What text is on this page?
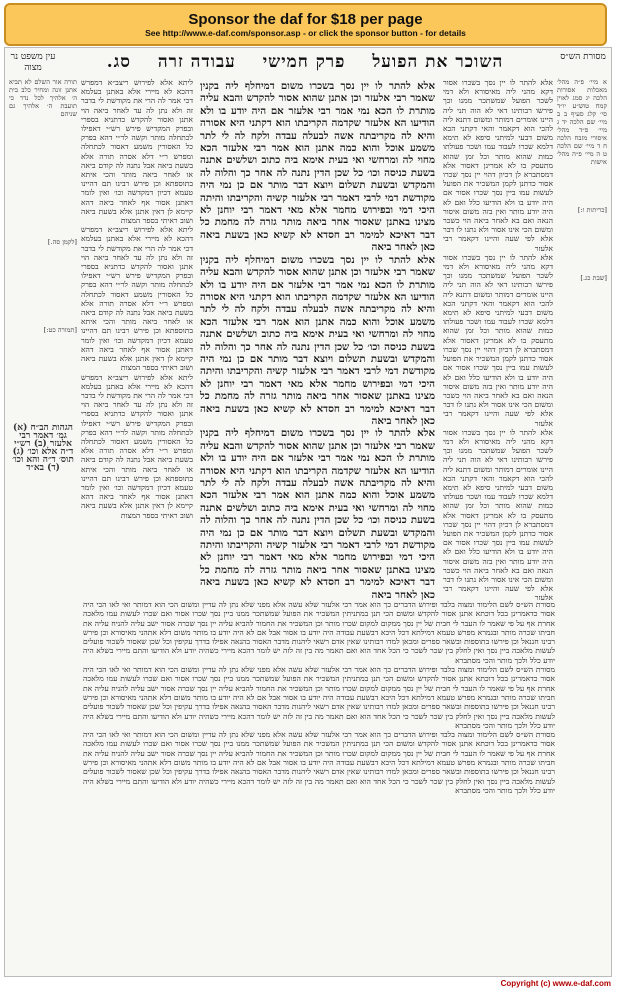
Sponsor the daf for $18 per page
See http://www.e-daf.com/sponsor.asp - or click the sponsor button - for details
השוכר את הפועל פרק חמישי עבודה זרה סג.	מסורת הש״ס
עין משפט נר מצוה

א מיי׳ פ״ה מהל׳ מאכלות אסורות הלכה יג סמג לאוין קמח טוש״ע יו״ד סי׳ קלג סעיף ב ב מיי׳ שם הלכה יד ג מיי׳ פ״ד מהל׳ איסורי מזבח הלכה ח ד מיי׳ שם הלכה ט ה מיי׳ פ״ה מהל׳ אישות

[כריתות ו:]

[שבת כג.]

אלא להתר לו יין נסך בשכרו אסור דקא מהני ליה מאיסורא ולא דמי לשכר הפועל שמשתכר ממנו וכך פירשו רבותינו דאי לא הוה תני ליה היינו אומרים דמותר ומשום דתנא ליה להכי הוא דקאמר והאי דקתני הכא משום דבעי למיתני סיפא לא תימא דלמא שכרו לעבוד עמו ושכר פעולתו כמות שהוא מותר וכל זמן שהוא מתעסק בו לא אמרינן דאסור אלא דמסתברא לן דכיון דהוי יין נסך שכרו אסור כדתנן לקמן המשכיר את הפועל לעשות עמו ביין נסך שכרו אסור אם היה יודע בו ולא הודיעו כלל ואם לא היה יודע מותר ואין בזה משום איסור הנאה ואם בא לאחר ביאה הוי כשכר ומשום הכי אינו אסור ולא נתנו לו דבר אלא לפי שעה והיינו דקאמר רבי אלעזר

אלא להתר לו יין נסך בשכרו אסור דקא מהני ליה מאיסורא ולא דמי לשכר הפועל שמשתכר ממנו וכך פירשו רבותינו דאי לא הוה תני ליה היינו אומרים דמותר ומשום דתנא ליה להכי הוא דקאמר והאי דקתני הכא משום דבעי למיתני סיפא לא תימא דלמא שכרו לעבוד עמו ושכר פעולתו כמות שהוא מותר וכל זמן שהוא מתעסק בו לא אמרינן דאסור אלא דמסתברא לן דכיון דהוי יין נסך שכרו אסור כדתנן לקמן המשכיר את הפועל לעשות עמו ביין נסך שכרו אסור אם היה יודע בו ולא הודיעו כלל ואם לא היה יודע מותר ואין בזה משום איסור הנאה ואם בא לאחר ביאה הוי כשכר ומשום הכי אינו אסור ולא נתנו לו דבר אלא לפי שעה והיינו דקאמר רבי אלעזר

אלא להתר לו יין נסך בשכרו אסור דקא מהני ליה מאיסורא ולא דמי לשכר הפועל שמשתכר ממנו וכך פירשו רבותינו דאי לא הוה תני ליה היינו אומרים דמותר ומשום דתנא ליה להכי הוא דקאמר והאי דקתני הכא משום דבעי למיתני סיפא לא תימא דלמא שכרו לעבוד עמו ושכר פעולתו כמות שהוא מותר וכל זמן שהוא מתעסק בו לא אמרינן דאסור אלא דמסתברא לן דכיון דהוי יין נסך שכרו אסור כדתנן לקמן המשכיר את הפועל לעשות עמו ביין נסך שכרו אסור אם היה יודע בו ולא הודיעו כלל ואם לא היה יודע מותר ואין בזה משום איסור הנאה ואם בא לאחר ביאה הוי כשכר ומשום הכי אינו אסור ולא נתנו לו דבר אלא לפי שעה והיינו דקאמר רבי אלעזר

אלא להתר לו יין נסך בשכרו משום דמיחלף ליה בקנין שאמר רבי אלעזר וכן אתנן שהוא אסור להקדש והבא עליה מותרת לו הכא נמי אמר רבי אלעזר אם היה יודע בו ולא הודיעו הא אלעזר שקדמה הקריבתו הוא דקתני היא אסורה והיא לה מקריבתה אשה לבעלה עבדה ולקח לה לי לתר משמע אוכל והוא כמה אתנן הוא אמר רבי אלעזר הכא מחוי לה ומרחשי ואי בעית אימא ביה כתוב ושלשים אתנה בשעת כניסה וכו׳ כל שכן הדין נתנה לה אחר כך והלוה לה והמקדש ובשעת תשלום ויוצא דבר מותר אם כן נמי היה מקודשת דמי לרבי דאמר רבי אלעזר קשיה והקריבתו והיתה היכי דמי ובפירוש מחמר אלא מאי דאמר רבי יוחנן לא מצינו באתנן שאסור אחר ביאה מותר גזרה לה מחמת כל דבר דאיכא למימר רב חסדא לא קשיא כאן בשעת ביאה כאן לאחר ביאה

אלא להתר לו יין נסך בשכרו משום דמיחלף ליה בקנין שאמר רבי אלעזר וכן אתנן שהוא אסור להקדש והבא עליה מותרת לו הכא נמי אמר רבי אלעזר אם היה יודע בו ולא הודיעו הא אלעזר שקדמה הקריבתו הוא דקתני היא אסורה והיא לה מקריבתה אשה לבעלה עבדה ולקח לה לי לתר משמע אוכל והוא כמה אתנן הוא אמר רבי אלעזר הכא מחוי לה ומרחשי ואי בעית אימא ביה כתוב ושלשים אתנה בשעת כניסה וכו׳ כל שכן הדין נתנה לה אחר כך והלוה לה והמקדש ובשעת תשלום ויוצא דבר מותר אם כן נמי היה מקודשת דמי לרבי דאמר רבי אלעזר קשיה והקריבתו והיתה היכי דמי ובפירוש מחמר אלא מאי דאמר רבי יוחנן לא מצינו באתנן שאסור אחר ביאה מותר גזרה לה מחמת כל דבר דאיכא למימר רב חסדא לא קשיא כאן בשעת ביאה כאן לאחר ביאה

אלא להתר לו יין נסך בשכרו משום דמיחלף ליה בקנין שאמר רבי אלעזר וכן אתנן שהוא אסור להקדש והבא עליה מותרת לו הכא נמי אמר רבי אלעזר אם היה יודע בו ולא הודיעו הא אלעזר שקדמה הקריבתו הוא דקתני היא אסורה והיא לה מקריבתה אשה לבעלה עבדה ולקח לה לי לתר משמע אוכל והוא כמה אתנן הוא אמר רבי אלעזר הכא מחוי לה ומרחשי ואי בעית אימא ביה כתוב ושלשים אתנה בשעת כניסה וכו׳ כל שכן הדין נתנה לה אחר כך והלוה לה והמקדש ובשעת תשלום ויוצא דבר מותר אם כן נמי היה מקודשת דמי לרבי דאמר רבי אלעזר קשיה והקריבתו והיתה היכי דמי ובפירוש מחמר אלא מאי דאמר רבי יוחנן לא מצינו באתנן שאסור אחר ביאה מותר גזרה לה מחמת כל דבר דאיכא למימר רב חסדא לא קשיא כאן בשעת ביאה כאן לאחר ביאה

ליתא אלא לפירוש ריצב״א דמפרש דהכא לא מיירי אלא באתנן בעלמא דכי אמר לה הרי את מקודשת לי בדבר זה ולא נתן לה עד לאחר ביאה הוי אתנן ואסור להקדש כדתניא בספרי ובפרק המקדיש פירש רש״י דאפילו לכתחלה מותר וקשה לר״י דהא בפרק כל האסורין משמע דאסור לכתחלה ומפרש ר״י דלא אסרה תורה אלא בשעת ביאה אבל נתנה לה קודם ביאה או לאחר ביאה מותר והכי איתא בתוספתא וכן פירש רבינו תם דהיינו טעמא דכיון דמקדשה וכו׳ ואין לומר דאתנן אסור אף לאחר ביאה דהא קיימא לן דאין אתנן אלא בשעת ביאה ושוב ראיתי בספר המצות

ליתא אלא לפירוש ריצב״א דמפרש דהכא לא מיירי אלא באתנן בעלמא דכי אמר לה הרי את מקודשת לי בדבר זה ולא נתן לה עד לאחר ביאה הוי אתנן ואסור להקדש כדתניא בספרי ובפרק המקדיש פירש רש״י דאפילו לכתחלה מותר וקשה לר״י דהא בפרק כל האסורין משמע דאסור לכתחלה ומפרש ר״י דלא אסרה תורה אלא בשעת ביאה אבל נתנה לה קודם ביאה או לאחר ביאה מותר והכי איתא בתוספתא וכן פירש רבינו תם דהיינו טעמא דכיון דמקדשה וכו׳ ואין לומר דאתנן אסור אף לאחר ביאה דהא קיימא לן דאין אתנן אלא בשעת ביאה ושוב ראיתי בספר המצות

ליתא אלא לפירוש ריצב״א דמפרש דהכא לא מיירי אלא באתנן בעלמא דכי אמר לה הרי את מקודשת לי בדבר זה ולא נתן לה עד לאחר ביאה הוי אתנן ואסור להקדש כדתניא בספרי ובפרק המקדיש פירש רש״י דאפילו לכתחלה מותר וקשה לר״י דהא בפרק כל האסורין משמע דאסור לכתחלה ומפרש ר״י דלא אסרה תורה אלא בשעת ביאה אבל נתנה לה קודם ביאה או לאחר ביאה מותר והכי איתא בתוספתא וכן פירש רבינו תם דהיינו טעמא דכיון דמקדשה וכו׳ ואין לומר דאתנן אסור אף לאחר ביאה דהא קיימא לן דאין אתנן אלא בשעת ביאה ושוב ראיתי בספר המצות

תורה אור השלם לא תביא אתנן זונה ומחיר כלב בית ה׳ אלהיך לכל נדר כי תועבת ה׳ אלהיך גם שניהם

[לקמן סה.]

[תמורה כט:]

הגהות הב״ח (א) גמ׳ דאמר רבי אלעזר (ב) רש״י ד״ה אלא וכו׳ (ג) תוס׳ ד״ה והא וכו׳ (ד) בא״ד

מסורת הש״ס לשם הלימוד ומצוה בלבד ופירוש הדברים כך הוא אמר רבי אלעזר שלא עשה אלא מפני שלא נתן לה עדיין ומשום הכי הוא דמותר ואי לאו הכי היה אסור כדאמרינן בכל דוכתא אתנן אסור להקדש ומשום הכי תנן במתניתין המשכיר את הפועל שמשתכר ממנו ביין נסך שכרו אסור ואם שכרו לעשות עמו מלאכה אחרת אף על פי שאמר לו העבר לי חבית של יין נסך ממקום למקום שכרו מותר וכן המשכיר את החמור להביא עליה יין נסך שכרה אסור ישב עליה להניח עליה את חביתו שכרה מותר ובגמרא מפרש טעמא דמילתא דכל היכא דבשעת עבודה היה יודע בו אסור אבל אם לא היה יודע בו מותר משום דלא אתהני מאיסורא וכן פירש רבינו חננאל וכן פירשו בתוספות ובשאר ספרים ומכאן למדו רבותינו שאין אדם רשאי ליהנות מדבר האסור בהנאה אפילו בדרך עקיפין וכל שכן שאסור לשכור פועלים לעשות מלאכה ביין נסך ואין לחלק בין שכר לשכר כי הכל אחד הוא ואם תאמר מה בין זה לזה יש לומר דהכא מיירי כשהיה יודע ולא הודיעו והתם מיירי בשלא היה יודע כלל ולכך מותר והכי מסתברא

מסורת הש״ס לשם הלימוד ומצוה בלבד ופירוש הדברים כך הוא אמר רבי אלעזר שלא עשה אלא מפני שלא נתן לה עדיין ומשום הכי הוא דמותר ואי לאו הכי היה אסור כדאמרינן בכל דוכתא אתנן אסור להקדש ומשום הכי תנן במתניתין המשכיר את הפועל שמשתכר ממנו ביין נסך שכרו אסור ואם שכרו לעשות עמו מלאכה אחרת אף על פי שאמר לו העבר לי חבית של יין נסך ממקום למקום שכרו מותר וכן המשכיר את החמור להביא עליה יין נסך שכרה אסור ישב עליה להניח עליה את חביתו שכרה מותר ובגמרא מפרש טעמא דמילתא דכל היכא דבשעת עבודה היה יודע בו אסור אבל אם לא היה יודע בו מותר משום דלא אתהני מאיסורא וכן פירש רבינו חננאל וכן פירשו בתוספות ובשאר ספרים ומכאן למדו רבותינו שאין אדם רשאי ליהנות מדבר האסור בהנאה אפילו בדרך עקיפין וכל שכן שאסור לשכור פועלים לעשות מלאכה ביין נסך ואין לחלק בין שכר לשכר כי הכל אחד הוא ואם תאמר מה בין זה לזה יש לומר דהכא מיירי כשהיה יודע ולא הודיעו והתם מיירי בשלא היה יודע כלל ולכך מותר והכי מסתברא

מסורת הש״ס לשם הלימוד ומצוה בלבד ופירוש הדברים כך הוא אמר רבי אלעזר שלא עשה אלא מפני שלא נתן לה עדיין ומשום הכי הוא דמותר ואי לאו הכי היה אסור כדאמרינן בכל דוכתא אתנן אסור להקדש ומשום הכי תנן במתניתין המשכיר את הפועל שמשתכר ממנו ביין נסך שכרו אסור ואם שכרו לעשות עמו מלאכה אחרת אף על פי שאמר לו העבר לי חבית של יין נסך ממקום למקום שכרו מותר וכן המשכיר את החמור להביא עליה יין נסך שכרה אסור ישב עליה להניח עליה את חביתו שכרה מותר ובגמרא מפרש טעמא דמילתא דכל היכא דבשעת עבודה היה יודע בו אסור אבל אם לא היה יודע בו מותר משום דלא אתהני מאיסורא וכן פירש רבינו חננאל וכן פירשו בתוספות ובשאר ספרים ומכאן למדו רבותינו שאין אדם רשאי ליהנות מדבר האסור בהנאה אפילו בדרך עקיפין וכל שכן שאסור לשכור פועלים לעשות מלאכה ביין נסך ואין לחלק בין שכר לשכר כי הכל אחד הוא ואם תאמר מה בין זה לזה יש לומר דהכא מיירי כשהיה יודע ולא הודיעו והתם מיירי בשלא היה יודע כלל ולכך מותר והכי מסתברא

Copyright (c) www.e-daf.com
